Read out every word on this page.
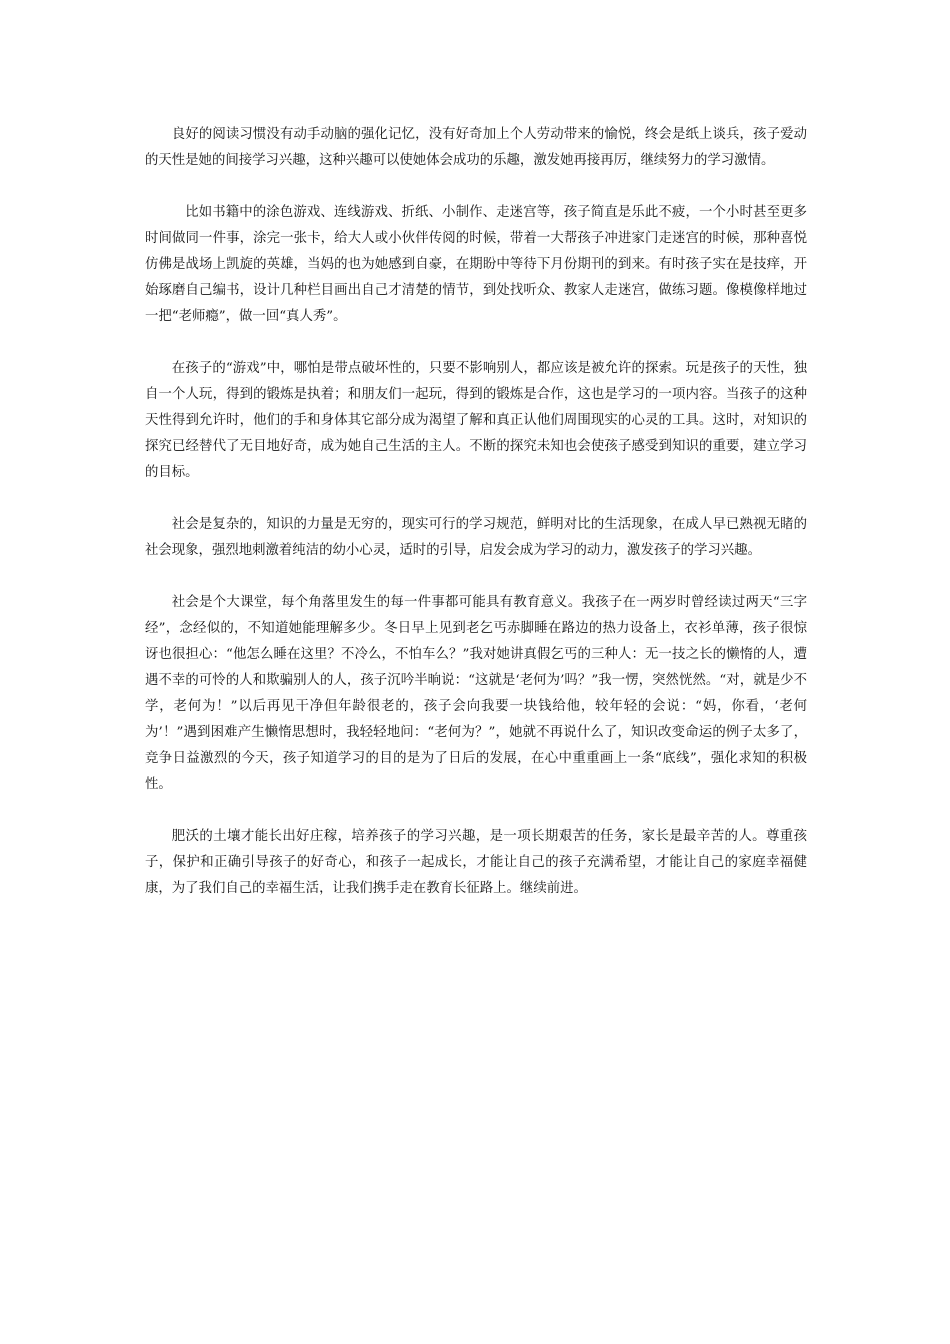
良好的阅读习惯没有动手动脑的强化记忆，没有好奇加上个人劳动带来的愉悦，终会是纸上谈兵，孩子爱动的天性是她的间接学习兴趣，这种兴趣可以使她体会成功的乐趣，激发她再接再厉，继续努力的学习激情。

比如书籍中的涂色游戏、连线游戏、折纸、小制作、走迷宫等，孩子简直是乐此不疲，一个小时甚至更多时间做同一件事，涂完一张卡，给大人或小伙伴传阅的时候，带着一大帮孩子冲进家门走迷宫的时候，那种喜悦仿佛是战场上凯旋的英雄，当妈的也为她感到自豪，在期盼中等待下月份期刊的到来。有时孩子实在是技痒，开始琢磨自己编书，设计几种栏目画出自己才清楚的情节，到处找听众、教家人走迷宫，做练习题。像模像样地过一把“老师瘾”，做一回“真人秀”。

在孩子的“游戏”中，哪怕是带点破坏性的，只要不影响别人，都应该是被允许的探索。玩是孩子的天性，独自一个人玩，得到的锻炼是执着；和朋友们一起玩，得到的锻炼是合作，这也是学习的一项内容。当孩子的这种天性得到允许时，他们的手和身体其它部分成为渴望了解和真正认他们周围现实的心灵的工具。这时，对知识的探究已经替代了无目地好奇，成为她自己生活的主人。不断的探究未知也会使孩子感受到知识的重要，建立学习的目标。

社会是复杂的，知识的力量是无穷的，现实可行的学习规范，鲜明对比的生活现象，在成人早已熟视无睹的社会现象，强烈地刺激着纯洁的幼小心灵，适时的引导，启发会成为学习的动力，激发孩子的学习兴趣。

社会是个大课堂，每个角落里发生的每一件事都可能具有教育意义。我孩子在一两岁时曾经读过两天“三字经”，念经似的，不知道她能理解多少。冬日早上见到老乞丐赤脚睡在路边的热力设备上，衣衫单薄，孩子很惊讶也很担心：“他怎么睡在这里？不冷么，不怕车么？”我对她讲真假乞丐的三种人：无一技之长的懒惰的人，遭遇不幸的可怜的人和欺骗别人的人，孩子沉吟半晌说：“这就是‘老何为’吗？”我一愣，突然恍然。“对，就是少不学，老何为！”以后再见干净但年龄很老的，孩子会向我要一块钱给他，较年轻的会说：“妈，你看，‘老何为’！”遇到困难产生懒惰思想时，我轻轻地问：“老何为？”，她就不再说什么了，知识改变命运的例子太多了，竞争日益激烈的今天，孩子知道学习的目的是为了日后的发展，在心中重重画上一条“底线”，强化求知的积极性。

肥沃的土壤才能长出好庄稼，培养孩子的学习兴趣，是一项长期艰苦的任务，家长是最辛苦的人。尊重孩子，保护和正确引导孩子的好奇心，和孩子一起成长，才能让自己的孩子充满希望，才能让自己的家庭幸福健康，为了我们自己的幸福生活，让我们携手走在教育长征路上。继续前进。
